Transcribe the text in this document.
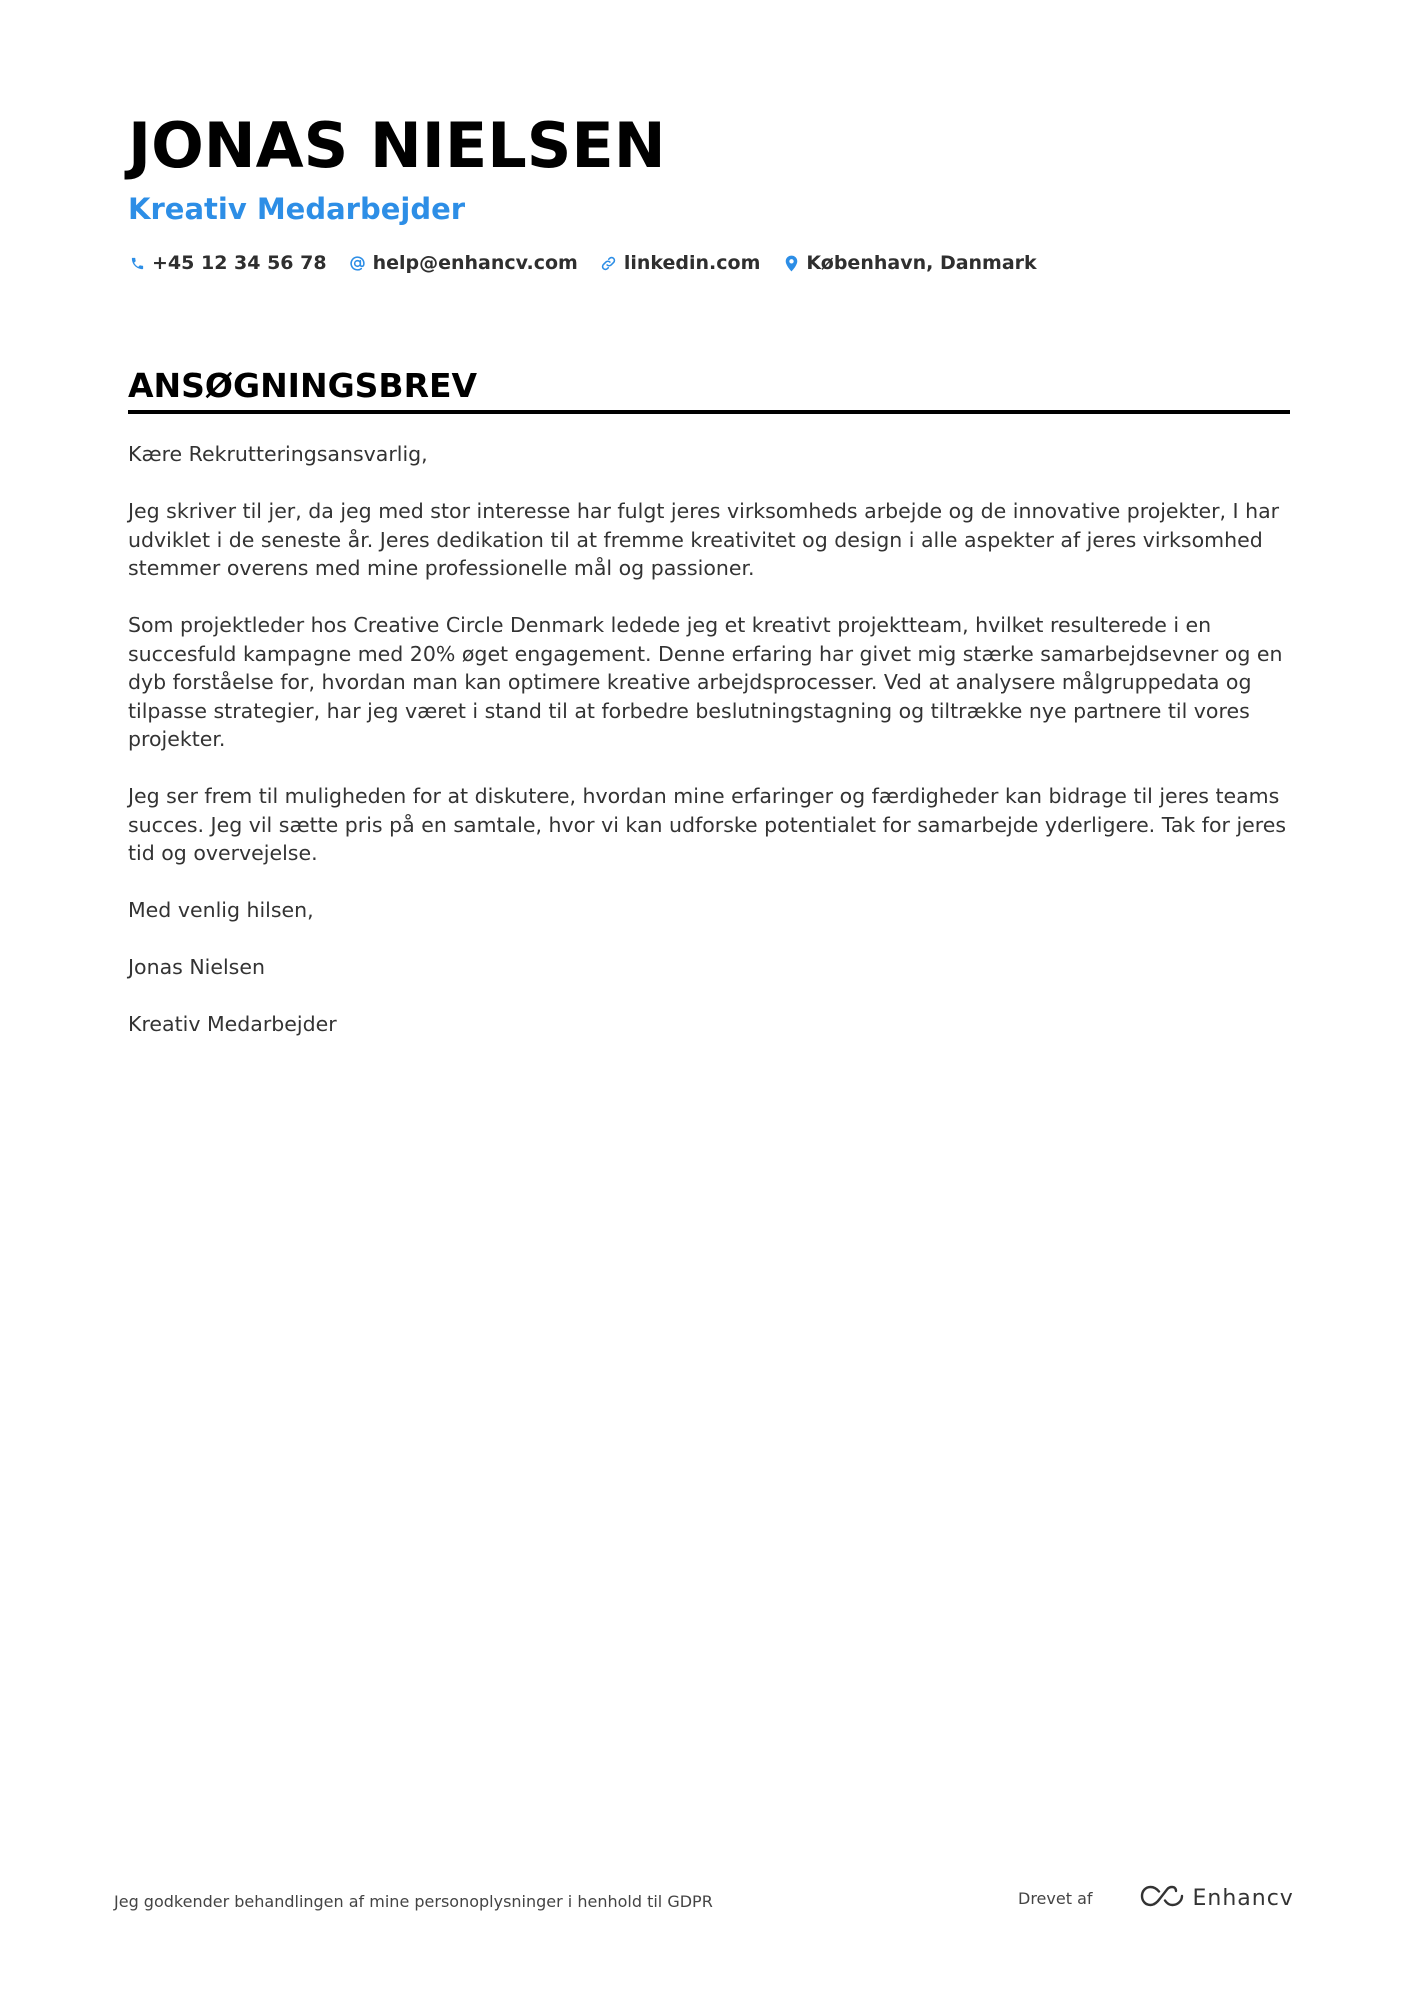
JONAS NIELSEN
Kreativ Medarbejder
+45 12 34 56 78 help@enhancv.com linkedin.com København, Danmark
ANSØGNINGSBREV

Kære Rekrutteringsansvarlig,

Jeg skriver til jer, da jeg med stor interesse har fulgt jeres virksomheds arbejde og de innovative projekter, I har udviklet i de seneste år. Jeres dedikation til at fremme kreativitet og design i alle aspekter af jeres virksomhed stemmer overens med mine professionelle mål og passioner.

Som projektleder hos Creative Circle Denmark ledede jeg et kreativt projektteam, hvilket resulterede i en succesfuld kampagne med 20% øget engagement. Denne erfaring har givet mig stærke samarbejdsevner og en dyb forståelse for, hvordan man kan optimere kreative arbejdsprocesser. Ved at analysere målgruppedata og tilpasse strategier, har jeg været i stand til at forbedre beslutningstagning og tiltrække nye partnere til vores projekter.

Jeg ser frem til muligheden for at diskutere, hvordan mine erfaringer og færdigheder kan bidrage til jeres teams succes. Jeg vil sætte pris på en samtale, hvor vi kan udforske potentialet for samarbejde yderligere. Tak for jeres tid og overvejelse.

Med venlig hilsen,

Jonas Nielsen

Kreativ Medarbejder

Jeg godkender behandlingen af mine personoplysninger i henhold til GDPR	Drevet af	Enhancv
